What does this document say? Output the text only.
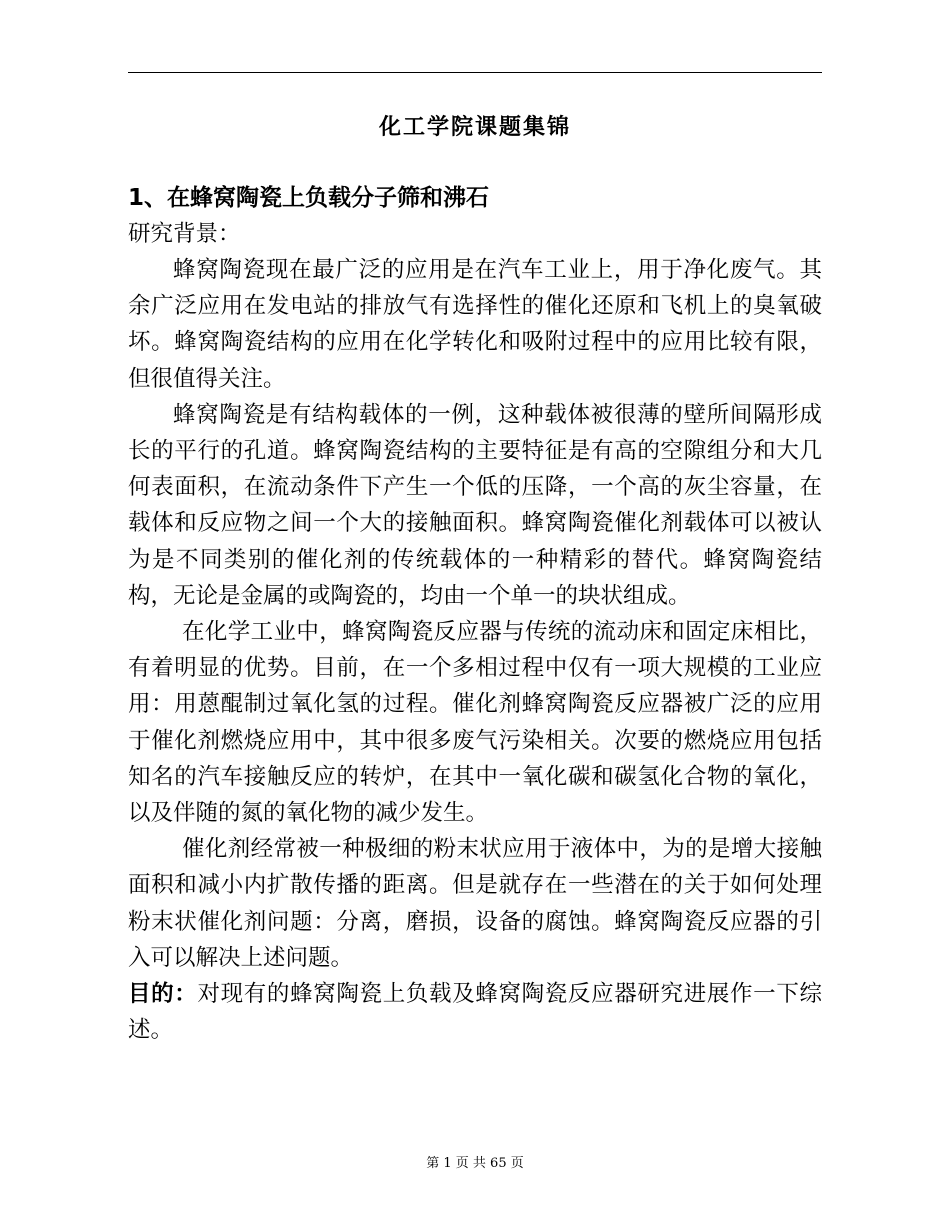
化工学院课题集锦

1、在蜂窝陶瓷上负载分子筛和沸石

研究背景：

蜂窝陶瓷现在最广泛的应用是在汽车工业上，用于净化废气。其余广泛应用在发电站的排放气有选择性的催化还原和飞机上的臭氧破坏。蜂窝陶瓷结构的应用在化学转化和吸附过程中的应用比较有限，但很值得关注。

蜂窝陶瓷是有结构载体的一例，这种载体被很薄的壁所间隔形成长的平行的孔道。蜂窝陶瓷结构的主要特征是有高的空隙组分和大几何表面积，在流动条件下产生一个低的压降，一个高的灰尘容量，在载体和反应物之间一个大的接触面积。蜂窝陶瓷催化剂载体可以被认为是不同类别的催化剂的传统载体的一种精彩的替代。蜂窝陶瓷结构，无论是金属的或陶瓷的，均由一个单一的块状组成。

在化学工业中，蜂窝陶瓷反应器与传统的流动床和固定床相比，有着明显的优势。目前，在一个多相过程中仅有一项大规模的工业应用：用蒽醌制过氧化氢的过程。催化剂蜂窝陶瓷反应器被广泛的应用于催化剂燃烧应用中，其中很多废气污染相关。次要的燃烧应用包括知名的汽车接触反应的转炉，在其中一氧化碳和碳氢化合物的氧化，以及伴随的氮的氧化物的减少发生。

催化剂经常被一种极细的粉末状应用于液体中，为的是增大接触面积和减小内扩散传播的距离。但是就存在一些潜在的关于如何处理粉末状催化剂问题：分离，磨损，设备的腐蚀。蜂窝陶瓷反应器的引入可以解决上述问题。

目的：对现有的蜂窝陶瓷上负载及蜂窝陶瓷反应器研究进展作一下综述。

第 1 页 共 65 页
